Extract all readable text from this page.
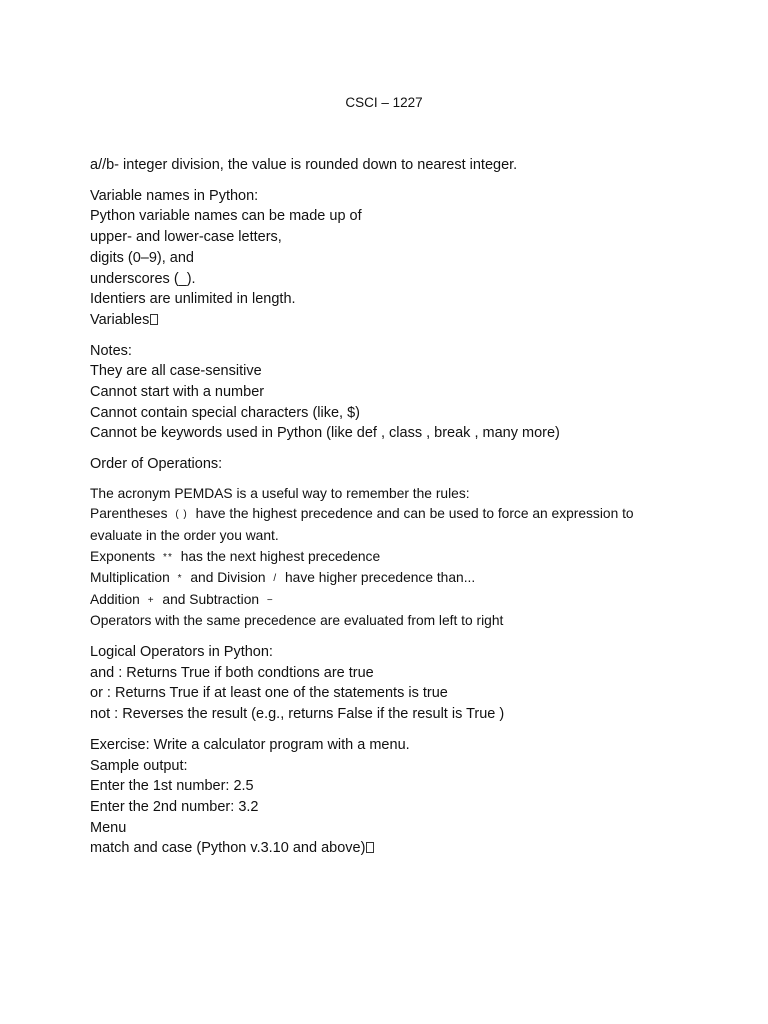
CSCI – 1227

a//b- integer division, the value is rounded down to nearest integer.

Variable names in Python:

Python variable names can be made up of

upper- and lower-case letters,

digits (0–9), and

underscores (_).

Identiers are unlimited in length.

Variables

Notes:

They are all case-sensitive

Cannot start with a number

Cannot contain special characters (like, $)

Cannot be keywords used in Python (like def , class , break , many more)

Order of Operations:

The acronym PEMDAS is a useful way to remember the rules:

Parentheses ( ) have the highest precedence and can be used to force an expression to

evaluate in the order you want.

Exponents ** has the next highest precedence

Multiplication * and Division / have higher precedence than...

Addition + and Subtraction −

Operators with the same precedence are evaluated from left to right

Logical Operators in Python:

and : Returns True if both condtions are true

or : Returns True if at least one of the statements is true

not : Reverses the result (e.g., returns False if the result is True )

Exercise: Write a calculator program with a menu.

Sample output:

Enter the 1st number: 2.5

Enter the 2nd number: 3.2

Menu

match and case (Python v.3.10 and above)
